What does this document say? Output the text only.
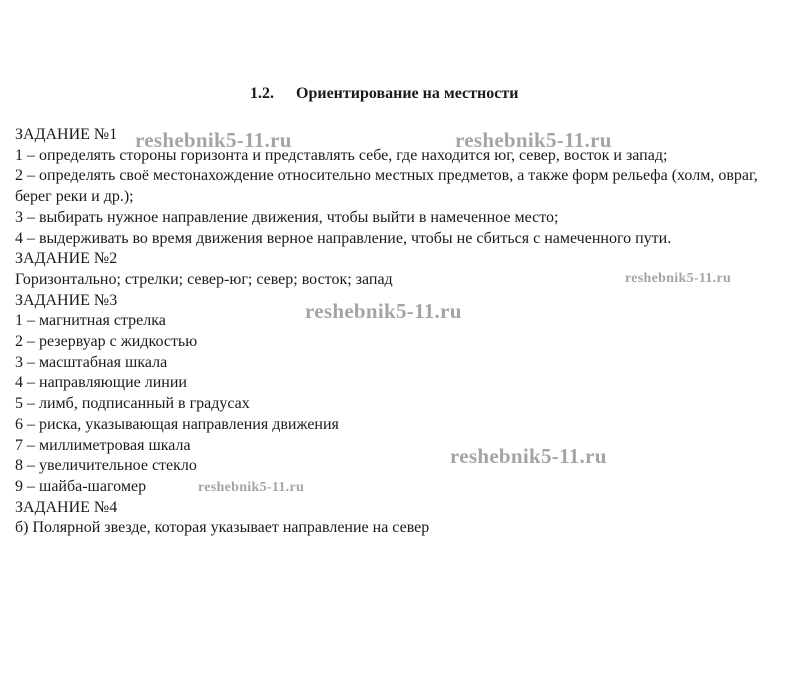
1.2. Ориентирование на местности
ЗАДАНИЕ №1
1 – определять стороны горизонта и представлять себе, где находится юг, север, восток и запад;
2 – определять своё местонахождение относительно местных предметов, а также форм рельефа (холм, овраг, берег реки и др.);
3 – выбирать нужное направление движения, чтобы выйти в намеченное место;
4 – выдерживать во время движения верное направление, чтобы не сбиться с намеченного пути.
ЗАДАНИЕ №2
Горизонтально; стрелки; север-юг; север; восток; запад
ЗАДАНИЕ №3
1 – магнитная стрелка
2 – резервуар с жидкостью
3 – масштабная шкала
4 – направляющие линии
5 – лимб, подписанный в градусах
6 – риска, указывающая направления движения
7 – миллиметровая шкала
8 – увеличительное стекло
9 – шайба-шагомер
ЗАДАНИЕ №4
б) Полярной звезде, которая указывает направление на север
reshebnik5-11.ru	reshebnik5-11.ru
reshebnik5-11.ru
reshebnik5-11.ru
reshebnik5-11.ru
reshebnik5-11.ru
